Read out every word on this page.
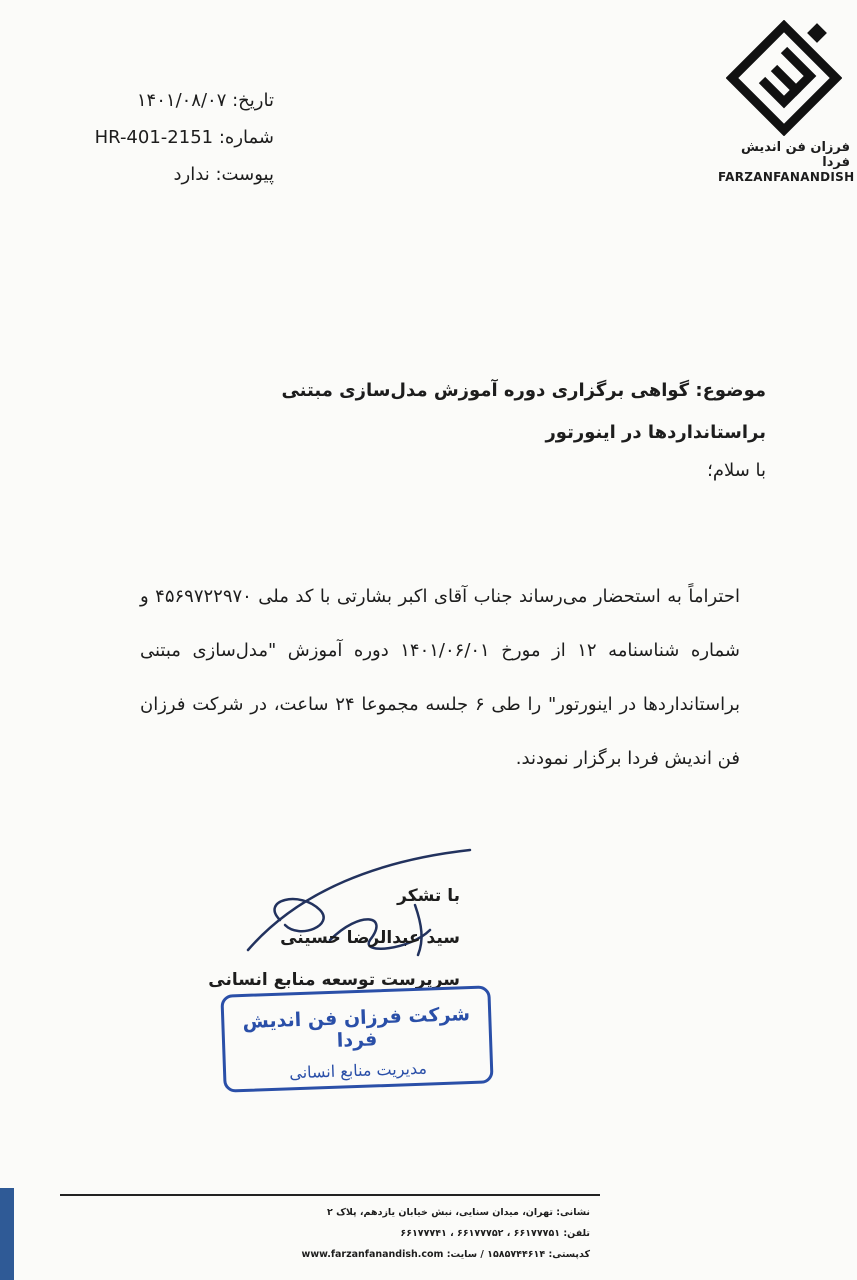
فرزان فن اندیش فردا
FARZANFANANDISH
تاریخ: ۱۴۰۱/۰۸/۰۷
شماره: HR-401-2151
پیوست: ندارد
موضوع: گواهی برگزاری دوره آموزش مدل‌سازی مبتنی براستانداردها در اینورتور
با سلام؛
احتراماً به استحضار می‌رساند جناب آقای اکبر بشارتی با کد ملی ۴۵۶۹۷۲۲۹۷۰ و شماره شناسنامه ۱۲ از مورخ ۱۴۰۱/۰۶/۰۱ دوره آموزش "مدل‌سازی مبتنی براستانداردها در اینورتور" را طی ۶ جلسه مجموعا ۲۴ ساعت، در شرکت فرزان فن اندیش فردا برگزار نمودند.
با تشکر
سید عبدالرضا حسینی
سرپرست توسعه منابع انسانی
شرکت فرزان فن اندیش فردا
مدیریت منابع انسانی
نشانی: تهران، میدان سنایی، نبش خیابان یازدهم، پلاک ۲
تلفن: ۶۶۱۷۷۷۵۱ ، ۶۶۱۷۷۷۵۲ ، ۶۶۱۷۷۷۴۱
کدپستی: ۱۵۸۵۷۴۴۶۱۴ / سایت: www.farzanfanandish.com
